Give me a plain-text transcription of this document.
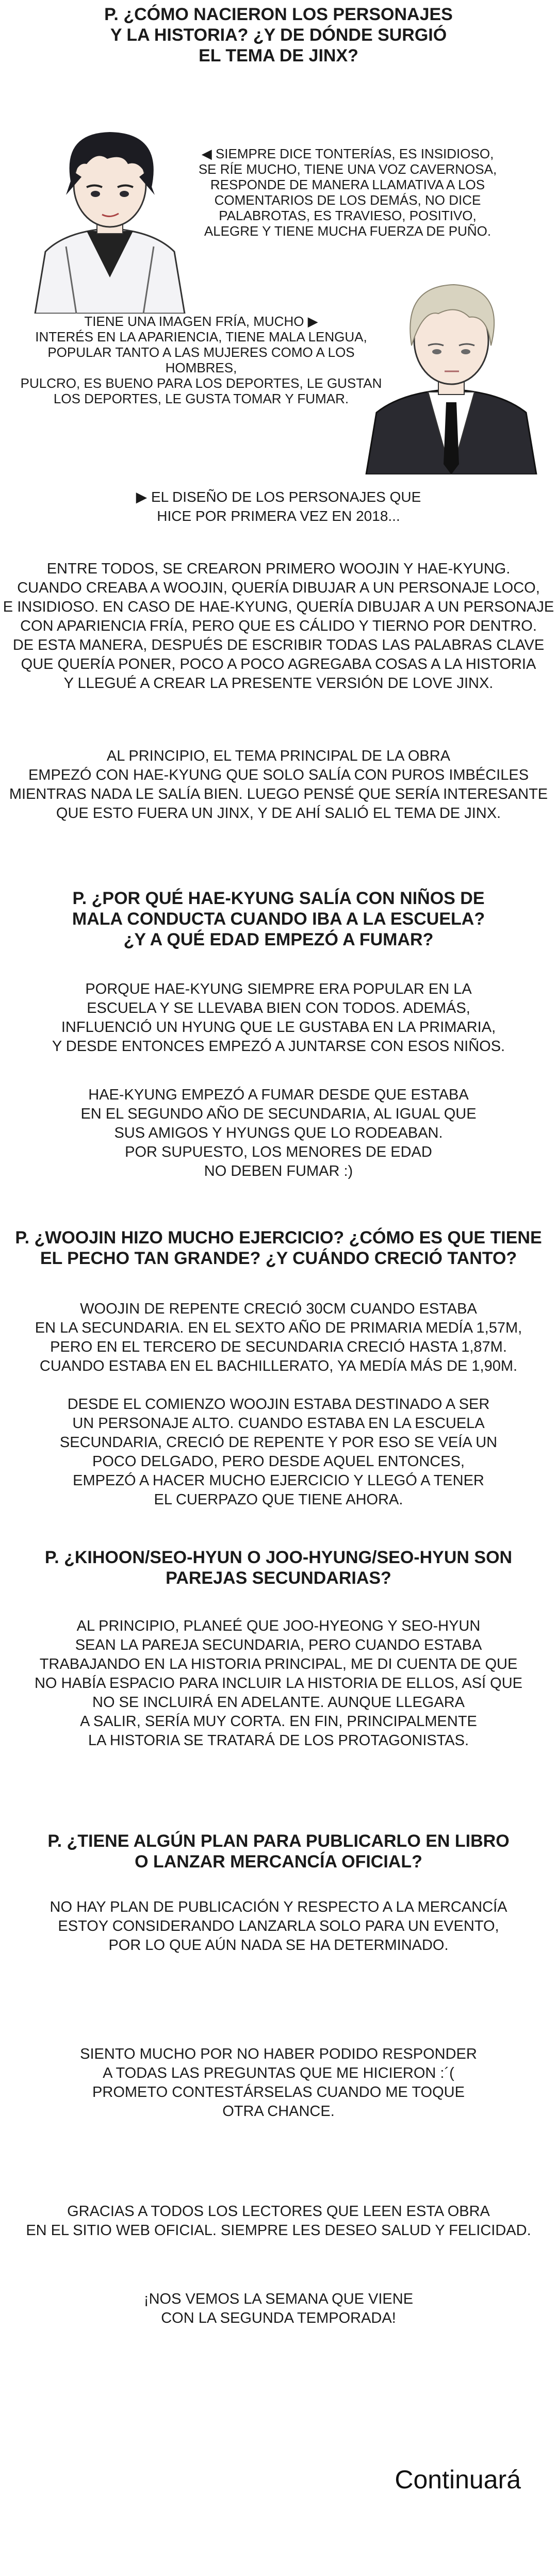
P. ¿CÓMO NACIERON LOS PERSONAJES
Y LA HISTORIA? ¿Y DE DÓNDE SURGIÓ
EL TEMA DE JINX?
◀ SIEMPRE DICE TONTERÍAS, ES INSIDIOSO,
SE RÍE MUCHO, TIENE UNA VOZ CAVERNOSA,
RESPONDE DE MANERA LLAMATIVA A LOS
COMENTARIOS DE LOS DEMÁS, NO DICE
PALABROTAS, ES TRAVIESO, POSITIVO,
ALEGRE Y TIENE MUCHA FUERZA DE PUÑO.
TIENE UNA IMAGEN FRÍA, MUCHO ▶
INTERÉS EN LA APARIENCIA, TIENE MALA LENGUA,
POPULAR TANTO A LAS MUJERES COMO A LOS HOMBRES,
PULCRO, ES BUENO PARA LOS DEPORTES, LE GUSTAN
LOS DEPORTES, LE GUSTA TOMAR Y FUMAR.
▶ EL DISEÑO DE LOS PERSONAJES QUE
HICE POR PRIMERA VEZ EN 2018...

ENTRE TODOS, SE CREARON PRIMERO WOOJIN Y HAE-KYUNG.
CUANDO CREABA A WOOJIN, QUERÍA DIBUJAR A UN PERSONAJE LOCO,
E INSIDIOSO. EN CASO DE HAE-KYUNG, QUERÍA DIBUJAR A UN PERSONAJE
CON APARIENCIA FRÍA, PERO QUE ES CÁLIDO Y TIERNO POR DENTRO.
DE ESTA MANERA, DESPUÉS DE ESCRIBIR TODAS LAS PALABRAS CLAVE
QUE QUERÍA PONER, POCO A POCO AGREGABA COSAS A LA HISTORIA
Y LLEGUÉ A CREAR LA PRESENTE VERSIÓN DE LOVE JINX.

AL PRINCIPIO, EL TEMA PRINCIPAL DE LA OBRA
EMPEZÓ CON HAE-KYUNG QUE SOLO SALÍA CON PUROS IMBÉCILES
MIENTRAS NADA LE SALÍA BIEN. LUEGO PENSÉ QUE SERÍA INTERESANTE
QUE ESTO FUERA UN JINX, Y DE AHÍ SALIÓ EL TEMA DE JINX.

P. ¿POR QUÉ HAE-KYUNG SALÍA CON NIÑOS DE
MALA CONDUCTA CUANDO IBA A LA ESCUELA?
¿Y A QUÉ EDAD EMPEZÓ A FUMAR?

PORQUE HAE-KYUNG SIEMPRE ERA POPULAR EN LA
ESCUELA Y SE LLEVABA BIEN CON TODOS. ADEMÁS,
INFLUENCIÓ UN HYUNG QUE LE GUSTABA EN LA PRIMARIA,
Y DESDE ENTONCES EMPEZÓ A JUNTARSE CON ESOS NIÑOS.

HAE-KYUNG EMPEZÓ A FUMAR DESDE QUE ESTABA
EN EL SEGUNDO AÑO DE SECUNDARIA, AL IGUAL QUE
SUS AMIGOS Y HYUNGS QUE LO RODEABAN.
POR SUPUESTO, LOS MENORES DE EDAD
NO DEBEN FUMAR :)

P. ¿WOOJIN HIZO MUCHO EJERCICIO? ¿CÓMO ES QUE TIENE
EL PECHO TAN GRANDE? ¿Y CUÁNDO CRECIÓ TANTO?

WOOJIN DE REPENTE CRECIÓ 30CM CUANDO ESTABA
EN LA SECUNDARIA. EN EL SEXTO AÑO DE PRIMARIA MEDÍA 1,57M,
PERO EN EL TERCERO DE SECUNDARIA CRECIÓ HASTA 1,87M.
CUANDO ESTABA EN EL BACHILLERATO, YA MEDÍA MÁS DE 1,90M.

DESDE EL COMIENZO WOOJIN ESTABA DESTINADO A SER
UN PERSONAJE ALTO. CUANDO ESTABA EN LA ESCUELA
SECUNDARIA, CRECIÓ DE REPENTE Y POR ESO SE VEÍA UN
POCO DELGADO, PERO DESDE AQUEL ENTONCES,
EMPEZÓ A HACER MUCHO EJERCICIO Y LLEGÓ A TENER
EL CUERPAZO QUE TIENE AHORA.

P. ¿KIHOON/SEO-HYUN O JOO-HYUNG/SEO-HYUN SON
PAREJAS SECUNDARIAS?

AL PRINCIPIO, PLANEÉ QUE JOO-HYEONG Y SEO-HYUN
SEAN LA PAREJA SECUNDARIA, PERO CUANDO ESTABA
TRABAJANDO EN LA HISTORIA PRINCIPAL, ME DI CUENTA DE QUE
NO HABÍA ESPACIO PARA INCLUIR LA HISTORIA DE ELLOS, ASÍ QUE
NO SE INCLUIRÁ EN ADELANTE. AUNQUE LLEGARA
A SALIR, SERÍA MUY CORTA. EN FIN, PRINCIPALMENTE
LA HISTORIA SE TRATARÁ DE LOS PROTAGONISTAS.

P. ¿TIENE ALGÚN PLAN PARA PUBLICARLO EN LIBRO
O LANZAR MERCANCÍA OFICIAL?

NO HAY PLAN DE PUBLICACIÓN Y RESPECTO A LA MERCANCÍA
ESTOY CONSIDERANDO LANZARLA SOLO PARA UN EVENTO,
POR LO QUE AÚN NADA SE HA DETERMINADO.

SIENTO MUCHO POR NO HABER PODIDO RESPONDER
A TODAS LAS PREGUNTAS QUE ME HICIERON :´(
PROMETO CONTESTÁRSELAS CUANDO ME TOQUE
OTRA CHANCE.

GRACIAS A TODOS LOS LECTORES QUE LEEN ESTA OBRA
EN EL SITIO WEB OFICIAL. SIEMPRE LES DESEO SALUD Y FELICIDAD.

¡NOS VEMOS LA SEMANA QUE VIENE
CON LA SEGUNDA TEMPORADA!

Continuará
